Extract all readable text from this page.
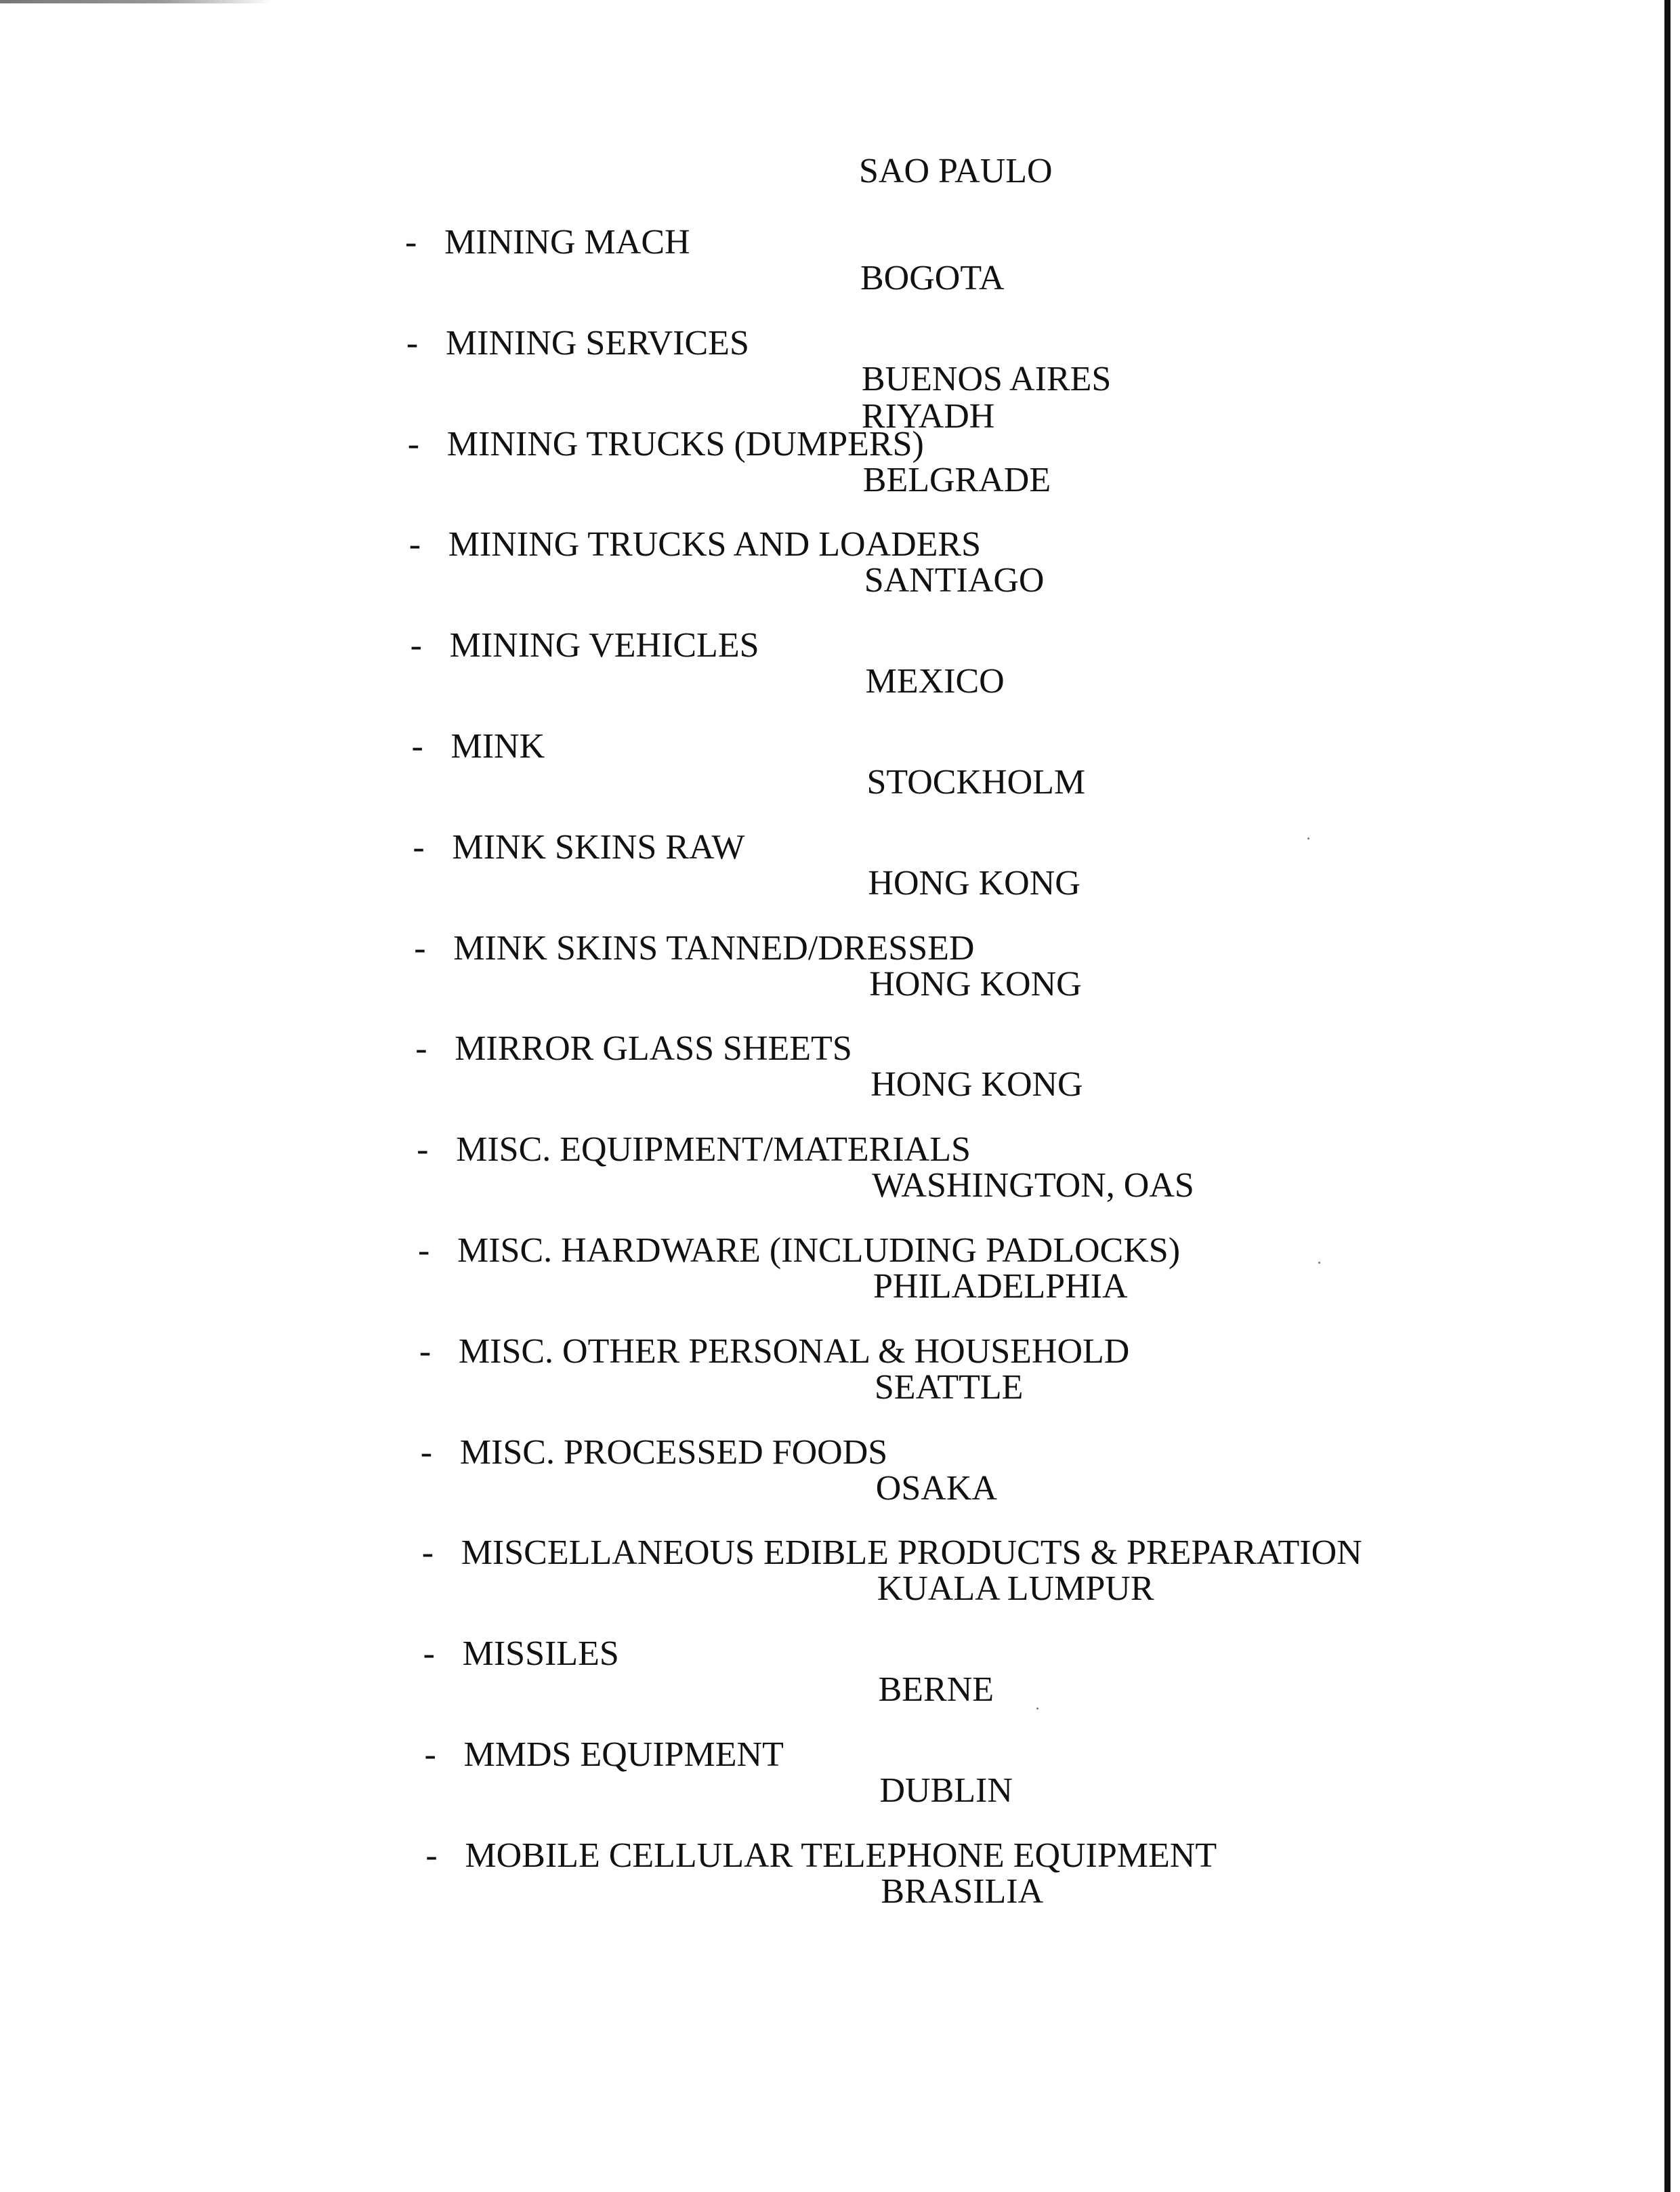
SAO PAULO
- MINING MACH
BOGOTA
- MINING SERVICES
BUENOS AIRES
RIYADH
- MINING TRUCKS (DUMPERS)
BELGRADE
- MINING TRUCKS AND LOADERS
SANTIAGO
- MINING VEHICLES
MEXICO
- MINK
STOCKHOLM
- MINK SKINS RAW
HONG KONG
- MINK SKINS TANNED/DRESSED
HONG KONG
- MIRROR GLASS SHEETS
HONG KONG
- MISC. EQUIPMENT/MATERIALS
WASHINGTON, OAS
- MISC. HARDWARE (INCLUDING PADLOCKS)
PHILADELPHIA
- MISC. OTHER PERSONAL & HOUSEHOLD
SEATTLE
- MISC. PROCESSED FOODS
OSAKA
- MISCELLANEOUS EDIBLE PRODUCTS & PREPARATION
KUALA LUMPUR
- MISSILES
BERNE
- MMDS EQUIPMENT
DUBLIN
- MOBILE CELLULAR TELEPHONE EQUIPMENT
BRASILIA
